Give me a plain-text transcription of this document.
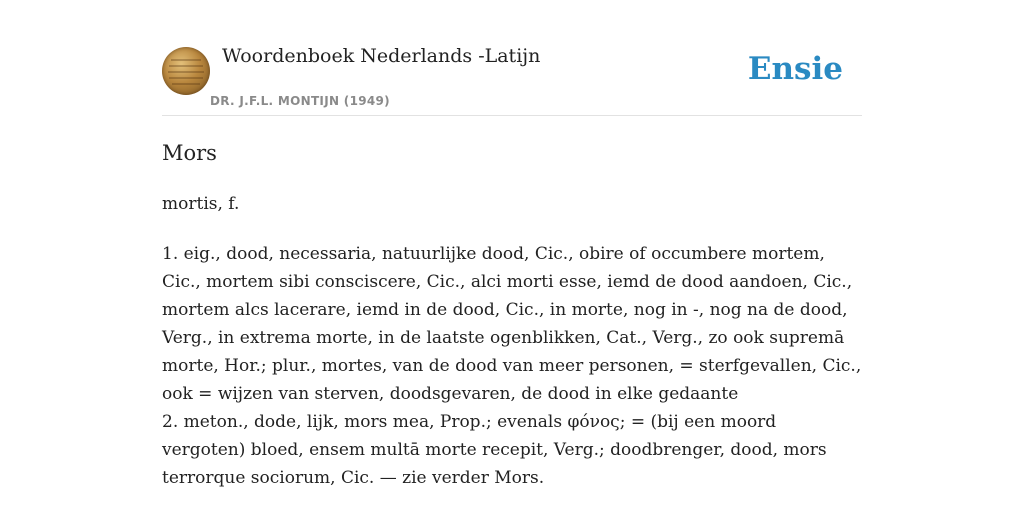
Woordenboek Nederlands -Latijn
DR. J.F.L. MONTIJN (1949)
Ensie
Mors
mortis, f.

1. eig., dood, necessaria, natuurlijke dood, Cic., obire of occumbere mortem, Cic., mortem sibi consciscere, Cic., alci morti esse, iemd de dood aandoen, Cic., mortem alcs lacerare, iemd in de dood, Cic., in morte, nog in -, nog na de dood, Verg., in extrema morte, in de laatste ogenblikken, Cat., Verg., zo ook supremā morte, Hor.; plur., mortes, van de dood van meer personen, = sterfgevallen, Cic., ook = wijzen van sterven, doodsgevaren, de dood in elke gedaante

2. meton., dode, lijk, mors mea, Prop.; evenals φόνος; = (bij een moord vergoten) bloed, ensem multā morte recepit, Verg.; doodbrenger, dood, mors terrorque sociorum, Cic. — zie verder Mors.
